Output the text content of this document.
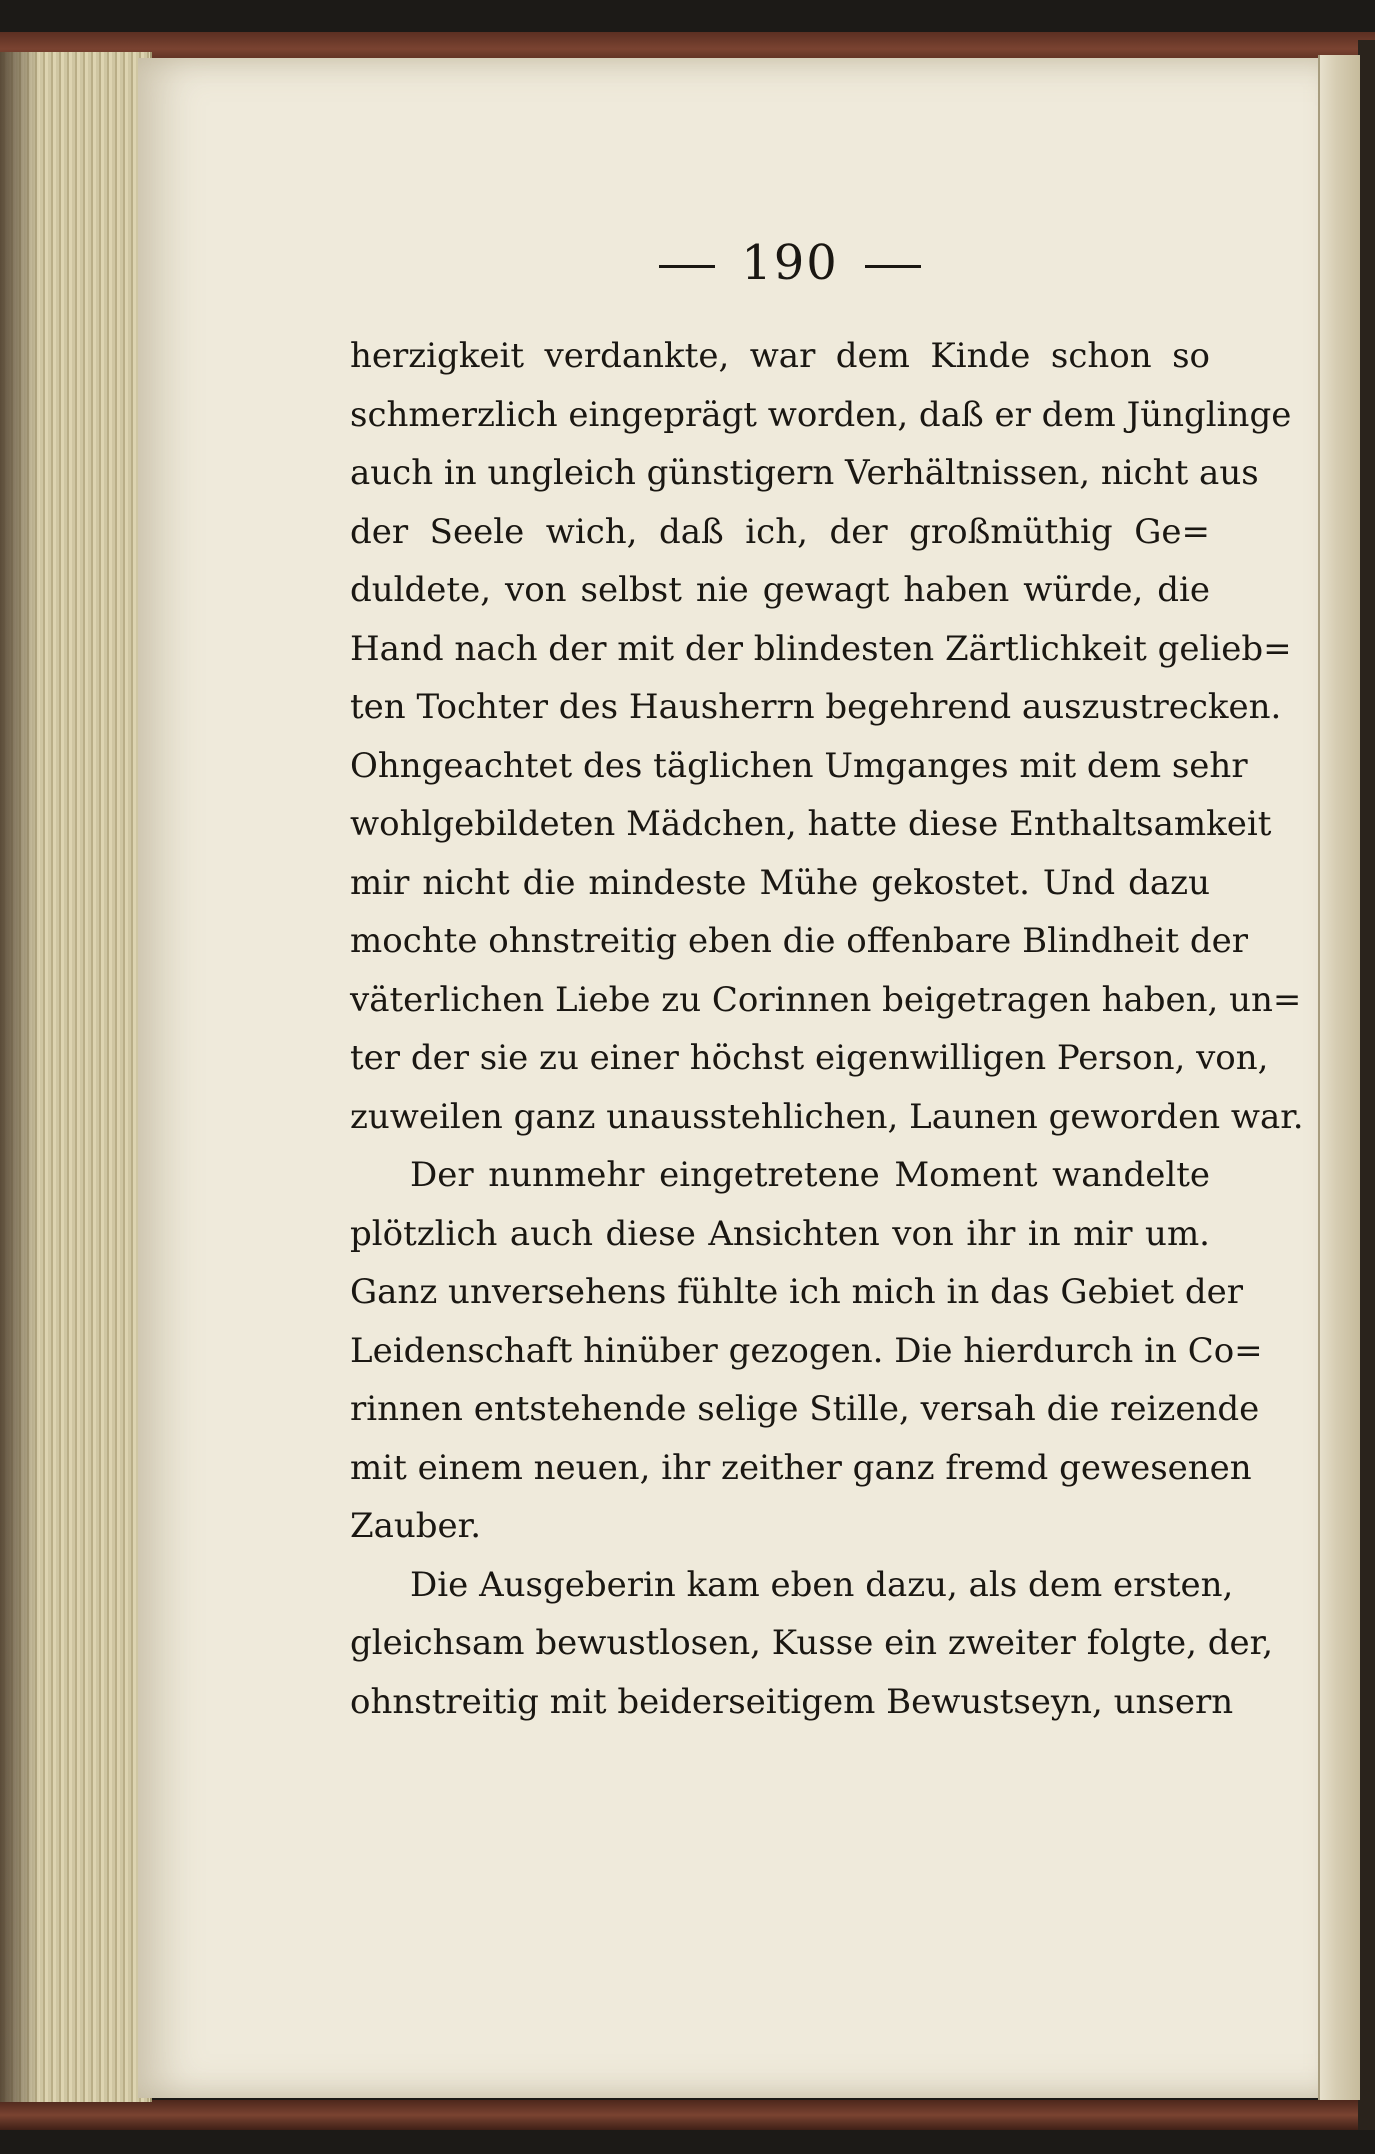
190
herzigkeit verdankte, war dem Kinde schon so
schmerzlich eingeprägt worden, daß er dem Jünglinge
auch in ungleich günstigern Verhältnissen, nicht aus
der Seele wich, daß ich, der großmüthig Ge=
duldete, von selbst nie gewagt haben würde, die
Hand nach der mit der blindesten Zärtlichkeit gelieb=
ten Tochter des Hausherrn begehrend auszustrecken.
Ohngeachtet des täglichen Umganges mit dem sehr
wohlgebildeten Mädchen, hatte diese Enthaltsamkeit
mir nicht die mindeste Mühe gekostet. Und dazu
mochte ohnstreitig eben die offenbare Blindheit der
väterlichen Liebe zu Corinnen beigetragen haben, un=
ter der sie zu einer höchst eigenwilligen Person, von,
zuweilen ganz unausstehlichen, Launen geworden war.
Der nunmehr eingetretene Moment wandelte
plötzlich auch diese Ansichten von ihr in mir um.
Ganz unversehens fühlte ich mich in das Gebiet der
Leidenschaft hinüber gezogen. Die hierdurch in Co=
rinnen entstehende selige Stille, versah die reizende
mit einem neuen, ihr zeither ganz fremd gewesenen
Zauber.
Die Ausgeberin kam eben dazu, als dem ersten,
gleichsam bewustlosen, Kusse ein zweiter folgte, der,
ohnstreitig mit beiderseitigem Bewustseyn, unsern
